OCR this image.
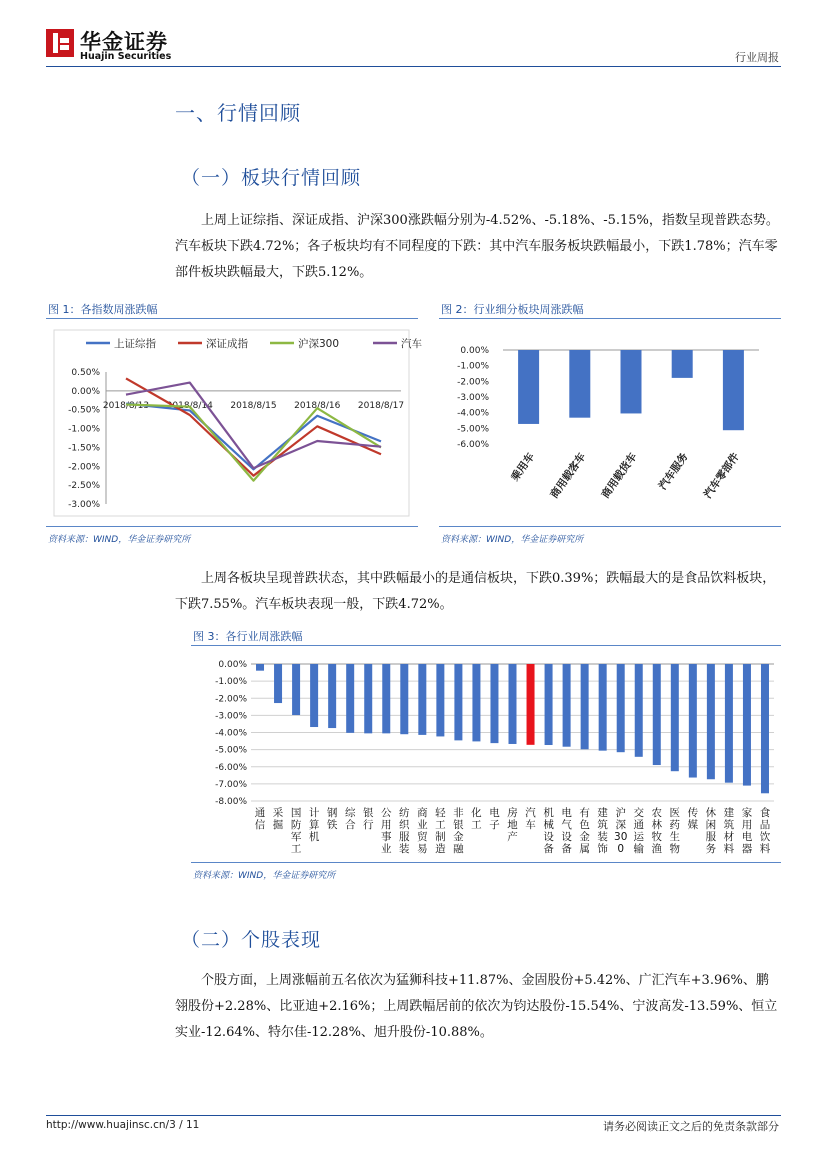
华金证券
Huajin Securities	行业周报
一、行情回顾
（一）板块行情回顾
上周上证综指、深证成指、沪深300涨跌幅分别为-4.52%、-5.18%、-5.15%，指数呈现普跌态势。汽车板块下跌4.72%；各子板块均有不同程度的下跌：其中汽车服务板块跌幅最小，下跌1.78%；汽车零部件板块跌幅最大，下跌5.12%。
图 1：各指数周涨跌幅
上证综指	深证成指	沪深300	汽车
0.50%
0.00%
-0.50%
-1.00%
-1.50%
-2.00%
-2.50%
-3.00%
2018/8/13 2018/8/14 2018/8/15 2018/8/16 2018/8/17
资料来源：WIND，华金证券研究所
图 2：行业细分板块周涨跌幅
0.00%
-1.00%
-2.00%
-3.00%
-4.00%
-5.00%
-6.00%
乘用车 商用载客车 商用载货车 汽车服务 汽车零部件
资料来源：WIND，华金证券研究所
上周各板块呈现普跌状态，其中跌幅最小的是通信板块，下跌0.39%；跌幅最大的是食品饮料板块，下跌7.55%。汽车板块表现一般，下跌4.72%。
图 3：各行业周涨跌幅
0.00%
-1.00%
-2.00%
-3.00%
-4.00%
-5.00%
-6.00%
-7.00%
-8.00%
通信
采掘
国防军工
计算机
钢铁
综合
银行
公用事业
纺织服装
商业贸易
轻工制造
非银金融
化工
电子
房地产
汽车
机械设备
电气设备
有色金属
建筑装饰
沪深300
交通运输
农林牧渔
医药生物
传媒
休闲服务
建筑材料
家用电器
食品饮料
资料来源：WIND，华金证券研究所
（二）个股表现
个股方面，上周涨幅前五名依次为猛狮科技+11.87%、金固股份+5.42%、广汇汽车+3.96%、鹏翎股份+2.28%、比亚迪+2.16%；上周跌幅居前的依次为钧达股份-15.54%、宁波高发-13.59%、恒立实业-12.64%、特尔佳-12.28%、旭升股份-10.88%。
http://www.huajinsc.cn/3 / 11	请务必阅读正文之后的免责条款部分
